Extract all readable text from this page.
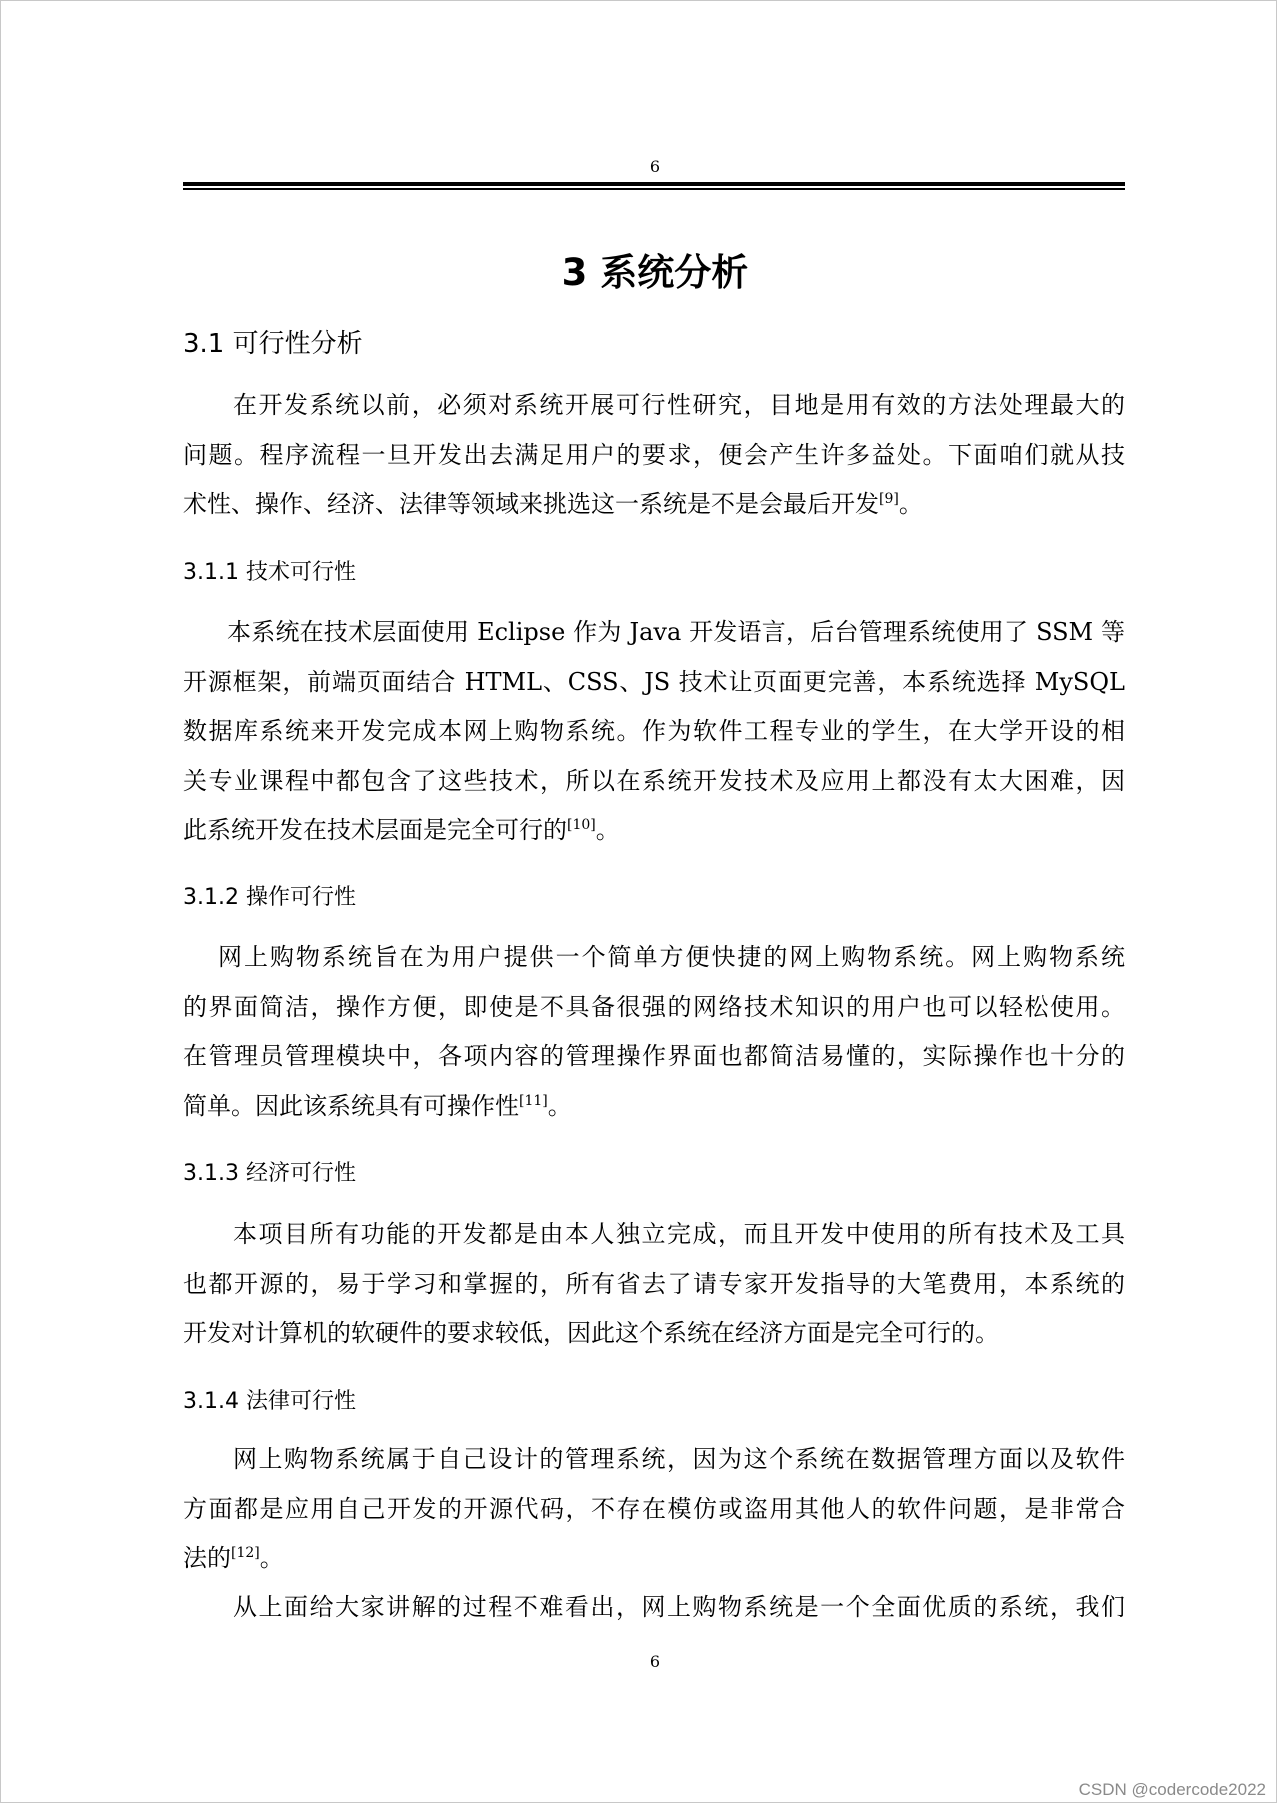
6
3 系统分析
3.1 可行性分析
在开发系统以前，必须对系统开展可行性研究，目地是用有效的方法处理最大的
问题。程序流程一旦开发出去满足用户的要求，便会产生许多益处。下面咱们就从技
术性、操作、经济、法律等领域来挑选这一系统是不是会最后开发[9]。
3.1.1 技术可行性
本系统在技术层面使用 Eclipse 作为 Java 开发语言，后台管理系统使用了 SSM 等
开源框架，前端页面结合 HTML、CSS、JS 技术让页面更完善，本系统选择 MySQL
数据库系统来开发完成本网上购物系统。作为软件工程专业的学生，在大学开设的相
关专业课程中都包含了这些技术，所以在系统开发技术及应用上都没有太大困难，因
此系统开发在技术层面是完全可行的[10]。
3.1.2 操作可行性
网上购物系统旨在为用户提供一个简单方便快捷的网上购物系统。网上购物系统
的界面简洁，操作方便，即使是不具备很强的网络技术知识的用户也可以轻松使用。
在管理员管理模块中，各项内容的管理操作界面也都简洁易懂的，实际操作也十分的
简单。因此该系统具有可操作性[11]。
3.1.3 经济可行性
本项目所有功能的开发都是由本人独立完成，而且开发中使用的所有技术及工具
也都开源的，易于学习和掌握的，所有省去了请专家开发指导的大笔费用，本系统的
开发对计算机的软硬件的要求较低，因此这个系统在经济方面是完全可行的。
3.1.4 法律可行性
网上购物系统属于自己设计的管理系统，因为这个系统在数据管理方面以及软件
方面都是应用自己开发的开源代码，不存在模仿或盗用其他人的软件问题，是非常合
法的[12]。
从上面给大家讲解的过程不难看出，网上购物系统是一个全面优质的系统，我们
6
CSDN @codercode2022
